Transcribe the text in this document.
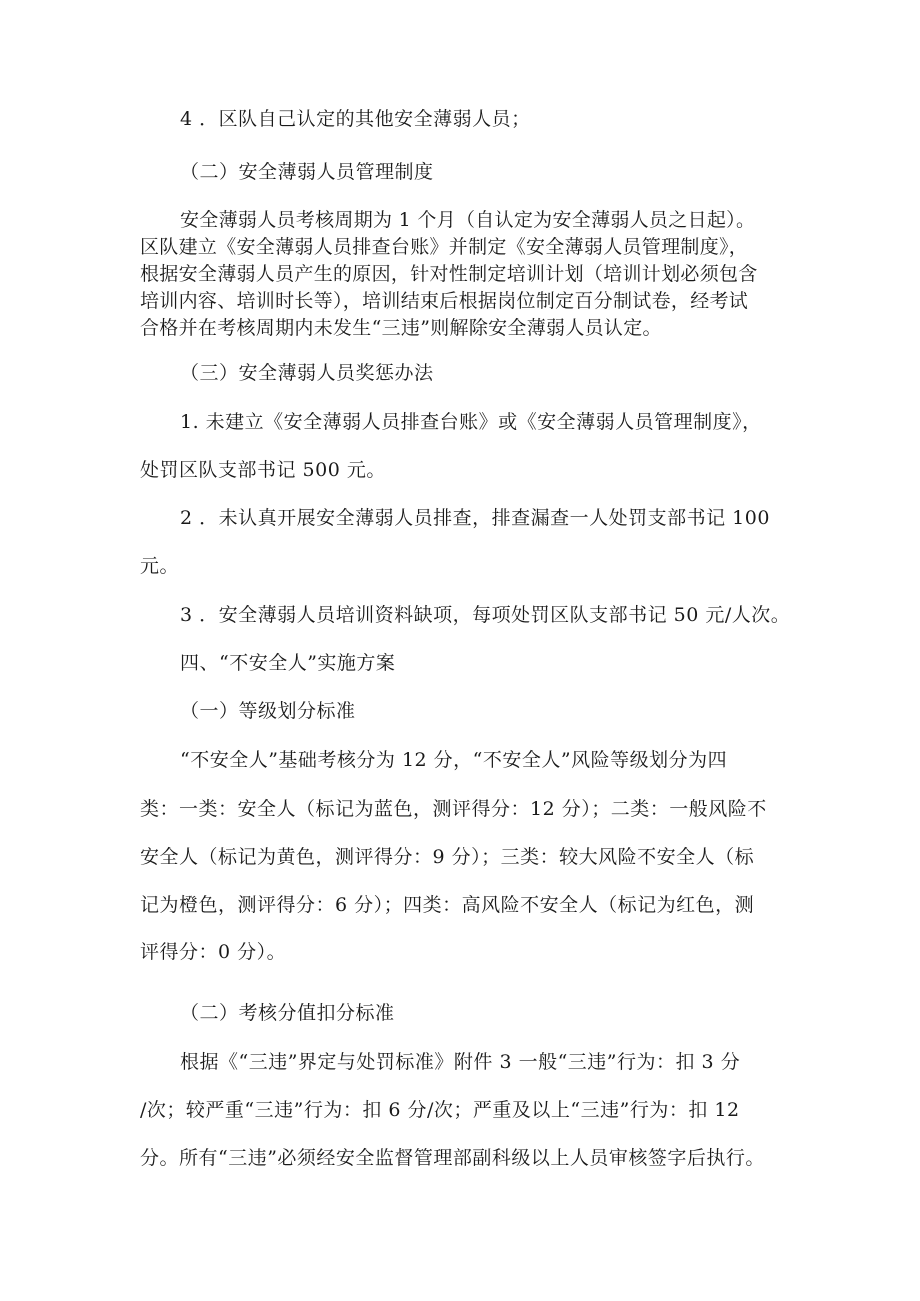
4 ．区队自己认定的其他安全薄弱人员；

（二）安全薄弱人员管理制度

安全薄弱人员考核周期为 1 个月（自认定为安全薄弱人员之日起）。

区队建立《安全薄弱人员排查台账》并制定《安全薄弱人员管理制度》，

根据安全薄弱人员产生的原因，针对性制定培训计划（培训计划必须包含

培训内容、培训时长等），培训结束后根据岗位制定百分制试卷，经考试

合格并在考核周期内未发生“三违”则解除安全薄弱人员认定。

（三）安全薄弱人员奖惩办法

1. 未建立《安全薄弱人员排查台账》或《安全薄弱人员管理制度》，

处罚区队支部书记 500 元。

2 ．未认真开展安全薄弱人员排查，排查漏查一人处罚支部书记 100

元。

3 ．安全薄弱人员培训资料缺项，每项处罚区队支部书记 50 元/人次。

四、“不安全人”实施方案

（一）等级划分标准

“不安全人”基础考核分为 12 分，“不安全人”风险等级划分为四

类：一类：安全人（标记为蓝色，测评得分：12 分）；二类：一般风险不

安全人（标记为黄色，测评得分：9 分）；三类：较大风险不安全人（标

记为橙色，测评得分：6 分）；四类：高风险不安全人（标记为红色，测

评得分：0 分）。

（二）考核分值扣分标准

根据《“三违”界定与处罚标准》附件 3 一般“三违”行为：扣 3 分

/次；较严重“三违”行为：扣 6 分/次；严重及以上“三违”行为：扣 12

分。所有“三违”必须经安全监督管理部副科级以上人员审核签字后执行。
